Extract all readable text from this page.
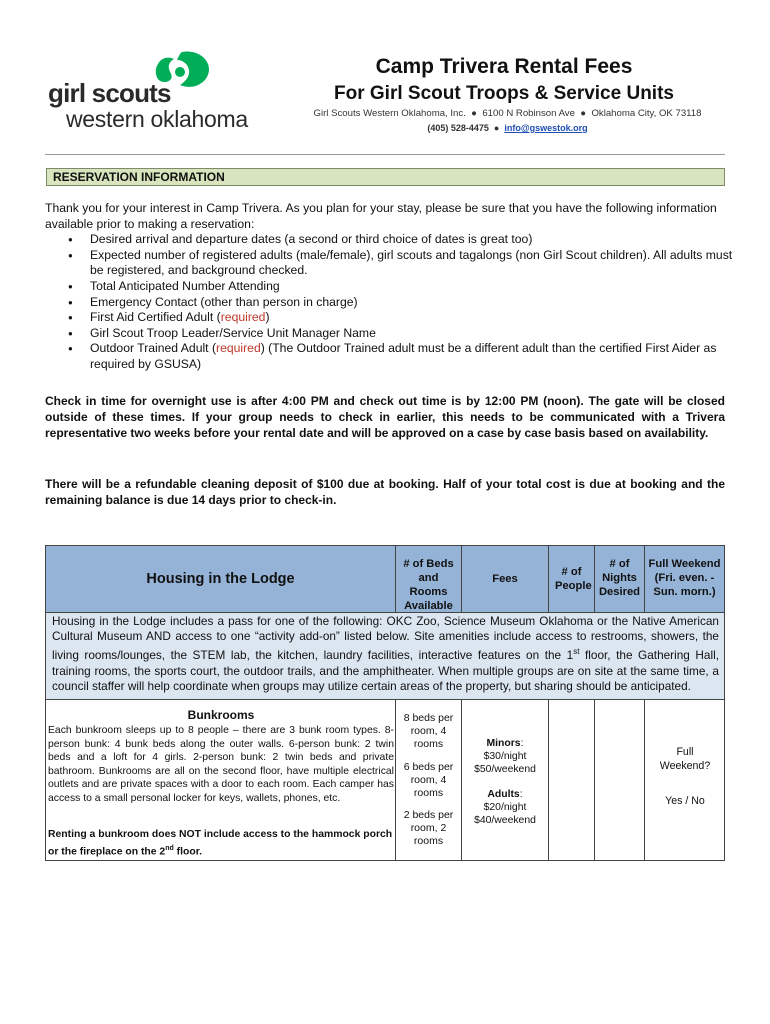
girl scouts
western oklahoma
Camp Trivera Rental Fees
For Girl Scout Troops & Service Units
Girl Scouts Western Oklahoma, Inc. ● 6100 N Robinson Ave ● Oklahoma City, OK 73118
(405) 528-4475 ● info@gswestok.org
RESERVATION INFORMATION

Thank you for your interest in Camp Trivera. As you plan for your stay, please be sure that you have the following information available prior to making a reservation:

● Desired arrival and departure dates (a second or third choice of dates is great too)
● Expected number of registered adults (male/female), girl scouts and tagalongs (non Girl Scout children). All adults must be registered, and background checked.
● Total Anticipated Number Attending
● Emergency Contact (other than person in charge)
● First Aid Certified Adult (required)
● Girl Scout Troop Leader/Service Unit Manager Name
● Outdoor Trained Adult (required) (The Outdoor Trained adult must be a different adult than the certified First Aider as required by GSUSA)

Check in time for overnight use is after 4:00 PM and check out time is by 12:00 PM (noon). The gate will be closed outside of these times. If your group needs to check in earlier, this needs to be communicated with a Trivera representative two weeks before your rental date and will be approved on a case by case basis based on availability.

There will be a refundable cleaning deposit of $100 due at booking. Half of your total cost is due at booking and the remaining balance is due 14 days prior to check-in.

Housing in the Lodge
# of Beds and Rooms Available
Fees
# of People
# of Nights Desired
Full Weekend (Fri. even. - Sun. morn.)

Housing in the Lodge includes a pass for one of the following: OKC Zoo, Science Museum Oklahoma or the Native American Cultural Museum AND access to one “activity add-on” listed below. Site amenities include access to restrooms, showers, the living rooms/lounges, the STEM lab, the kitchen, laundry facilities, interactive features on the 1st floor, the Gathering Hall, training rooms, the sports court, the outdoor trails, and the amphitheater. When multiple groups are on site at the same time, a council staffer will help coordinate when groups may utilize certain areas of the property, but sharing should be anticipated.

Bunkrooms

Each bunkroom sleeps up to 8 people – there are 3 bunk room types. 8-person bunk: 4 bunk beds along the outer walls. 6-person bunk: 2 twin beds and a loft for 4 girls. 2-person bunk: 2 twin beds and private bathroom. Bunkrooms are all on the second floor, have multiple electrical outlets and are private spaces with a door to each room. Each camper has access to a small personal locker for keys, wallets, phones, etc.

Renting a bunkroom does NOT include access to the hammock porch or the fireplace on the 2nd floor.

8 beds per room, 4 rooms
6 beds per room, 4 rooms
2 beds per room, 2 rooms
Minors:
$30/night
$50/weekend
Adults:
$20/night
$40/weekend
Full Weekend?
Yes / No
